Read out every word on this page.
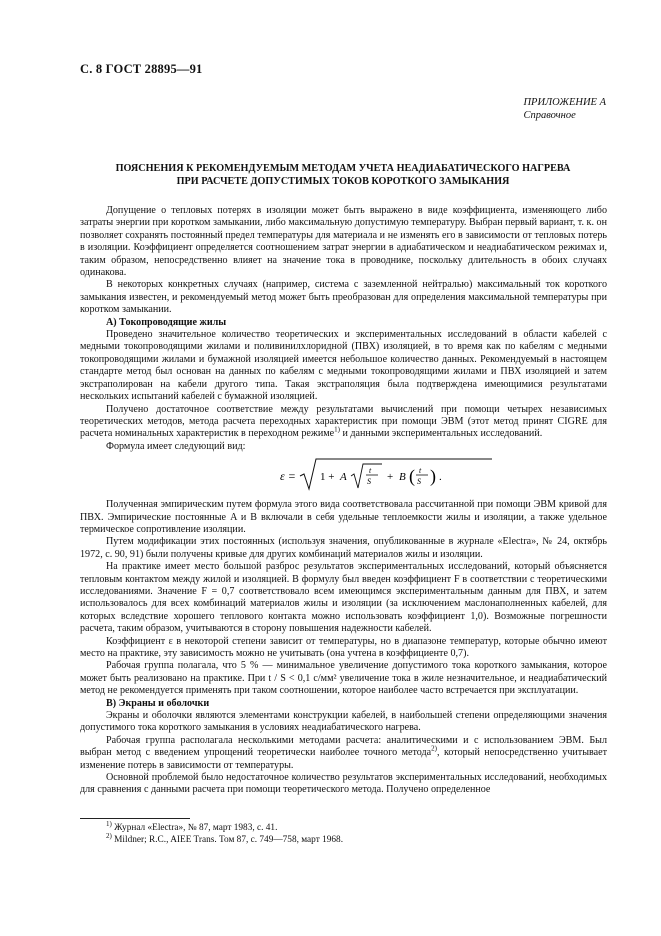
С. 8 ГОСТ 28895—91
ПРИЛОЖЕНИЕ А
Справочное
ПОЯСНЕНИЯ К РЕКОМЕНДУЕМЫМ МЕТОДАМ УЧЕТА НЕАДИАБАТИЧЕСКОГО НАГРЕВА
ПРИ РАСЧЕТЕ ДОПУСТИМЫХ ТОКОВ КОРОТКОГО ЗАМЫКАНИЯ

Допущение о тепловых потерях в изоляции может быть выражено в виде коэффициента, изменяющего либо затраты энергии при коротком замыкании, либо максимальную допустимую температуру. Выбран первый вариант, т. к. он позволяет сохранять постоянный предел температуры для материала и не изменять его в зависимости от тепловых потерь в изоляции. Коэффициент определяется соотношением затрат энергии в адиабатическом и неадиабатическом режимах и, таким образом, непосредственно влияет на значение тока в проводнике, поскольку длительность в обоих случаях одинакова.

В некоторых конкретных случаях (например, система с заземленной нейтралью) максимальный ток короткого замыкания известен, и рекомендуемый метод может быть преобразован для определения максимальной температуры при коротком замыкании.

А) Токопроводящие жилы

Проведено значительное количество теоретических и экспериментальных исследований в области кабелей с медными токопроводящими жилами и поливинилхлоридной (ПВХ) изоляцией, в то время как по кабелям с медными токопроводящими жилами и бумажной изоляцией имеется небольшое количество данных. Рекомендуемый в настоящем стандарте метод был основан на данных по кабелям с медными токопроводящими жилами и ПВХ изоляцией и затем экстраполирован на кабели другого типа. Такая экстраполяция была подтверждена имеющимися результатами нескольких испытаний кабелей с бумажной изоляцией.

Получено достаточное соответствие между результатами вычислений при помощи четырех независимых теоретических методов, метода расчета переходных характеристик при помощи ЭВМ (этот метод принят CIGRE для расчета номинальных характеристик в переходном режиме$^{1)}$ и данными экспериментальных исследований.

Формула имеет следующий вид:

ε = 1 + A
t
S + B ( t
S ) .

Полученная эмпирическим путем формула этого вида соответствовала рассчитанной при помощи ЭВМ кривой для ПВХ. Эмпирические постоянные A и B включали в себя удельные теплоемкости жилы и изоляции, а также удельное термическое сопротивление изоляции.

Путем модификации этих постоянных (используя значения, опубликованные в журнале «Electra», № 24, октябрь 1972, с. 90, 91) были получены кривые для других комбинаций материалов жилы и изоляции.

На практике имеет место большой разброс результатов экспериментальных исследований, который объясняется тепловым контактом между жилой и изоляцией. В формулу был введен коэффициент F в соответствии с теоретическими исследованиями. Значение F = 0,7 соответствовало всем имеющимся экспериментальным данным для ПВХ, и затем использовалось для всех комбинаций материалов жилы и изоляции (за исключением маслонаполненных кабелей, для которых вследствие хорошего теплового контакта можно использовать коэффициент 1,0). Возможные погрешности расчета, таким образом, учитываются в сторону повышения надежности кабелей.

Коэффициент ε в некоторой степени зависит от температуры, но в диапазоне температур, которые обычно имеют место на практике, эту зависимость можно не учитывать (она учтена в коэффициенте 0,7).

Рабочая группа полагала, что 5 % — минимальное увеличение допустимого тока короткого замыкания, которое может быть реализовано на практике. При t / S < 0,1 с/мм² увеличение тока в жиле незначительное, и неадиабатический метод не рекомендуется применять при таком соотношении, которое наиболее часто встречается при эксплуатации.

В) Экраны и оболочки

Экраны и оболочки являются элементами конструкции кабелей, в наибольшей степени определяющими значения допустимого тока короткого замыкания в условиях неадиабатического нагрева.

Рабочая группа располагала несколькими методами расчета: аналитическими и с использованием ЭВМ. Был выбран метод с введением упрощений теоретически наиболее точного метода$^{2)}$, который непосредственно учитывает изменение потерь в зависимости от температуры.

Основной проблемой было недостаточное количество результатов экспериментальных исследований, необходимых для сравнения с данными расчета при помощи теоретического метода. Получено определенное

$^{1)}$ Журнал «Electra», № 87, март 1983, с. 41.
$^{2)}$ Mildner; R.C., AIEE Trans. Том 87, с. 749—758, март 1968.
